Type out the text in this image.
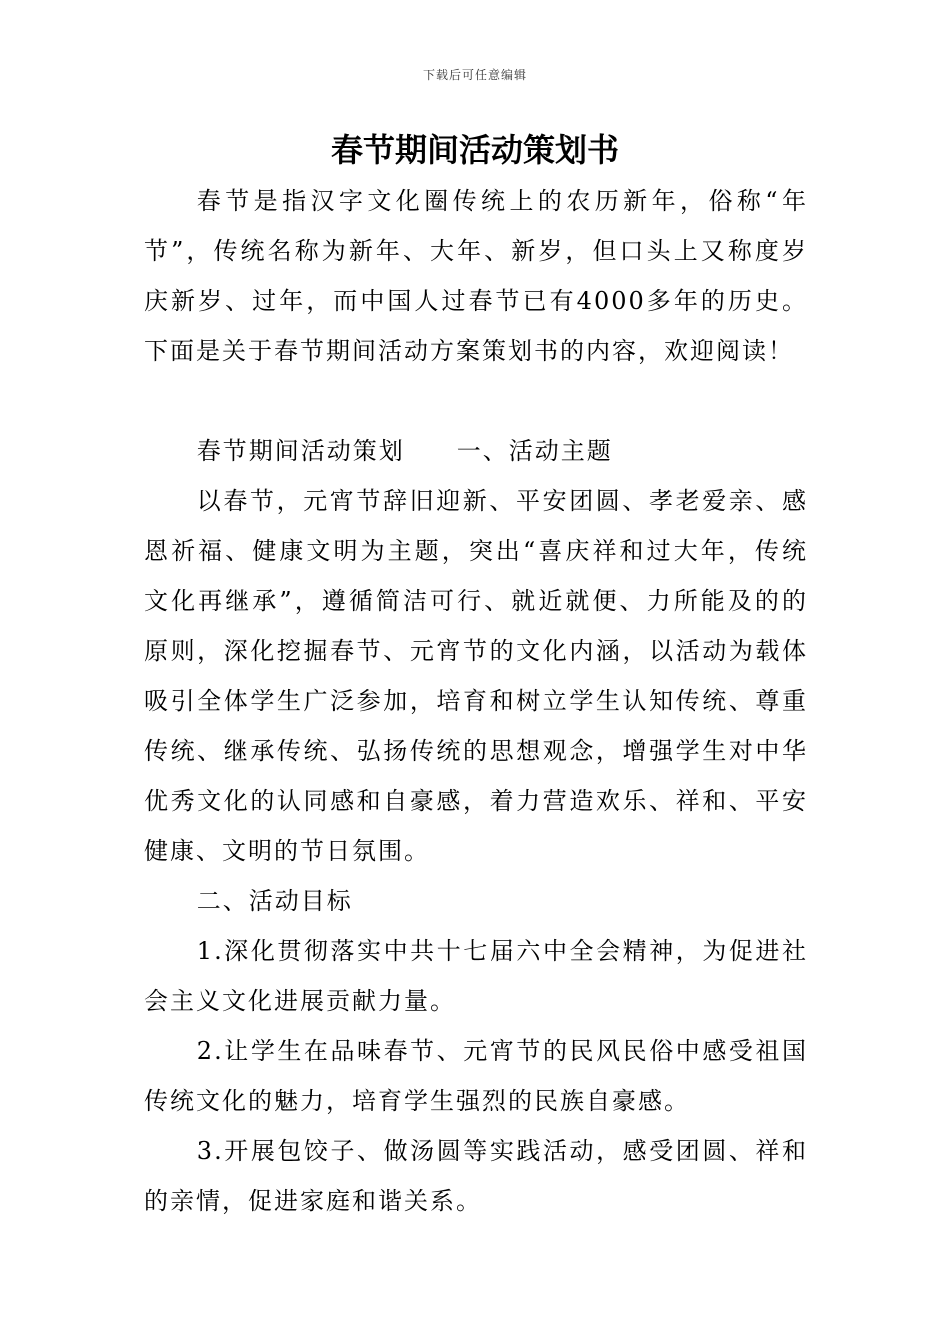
下载后可任意编辑
春节期间活动策划书

春节是指汉字文化圈传统上的农历新年，俗称“年节”，传统名称为新年、大年、新岁，但口头上又称度岁庆新岁、过年，而中国人过春节已有4000多年的历史。下面是关于春节期间活动方案策划书的内容，欢迎阅读！

春节期间活动策划 一、活动主题

以春节，元宵节辞旧迎新、平安团圆、孝老爱亲、感恩祈福、健康文明为主题，突出“喜庆祥和过大年，传统文化再继承”，遵循简洁可行、就近就便、力所能及的的原则，深化挖掘春节、元宵节的文化内涵，以活动为载体吸引全体学生广泛参加，培育和树立学生认知传统、尊重传统、继承传统、弘扬传统的思想观念，增强学生对中华优秀文化的认同感和自豪感，着力营造欢乐、祥和、平安健康、文明的节日氛围。

二、活动目标

1.深化贯彻落实中共十七届六中全会精神，为促进社会主义文化进展贡献力量。

2.让学生在品味春节、元宵节的民风民俗中感受祖国传统文化的魅力，培育学生强烈的民族自豪感。

3.开展包饺子、做汤圆等实践活动，感受团圆、祥和的亲情，促进家庭和谐关系。
